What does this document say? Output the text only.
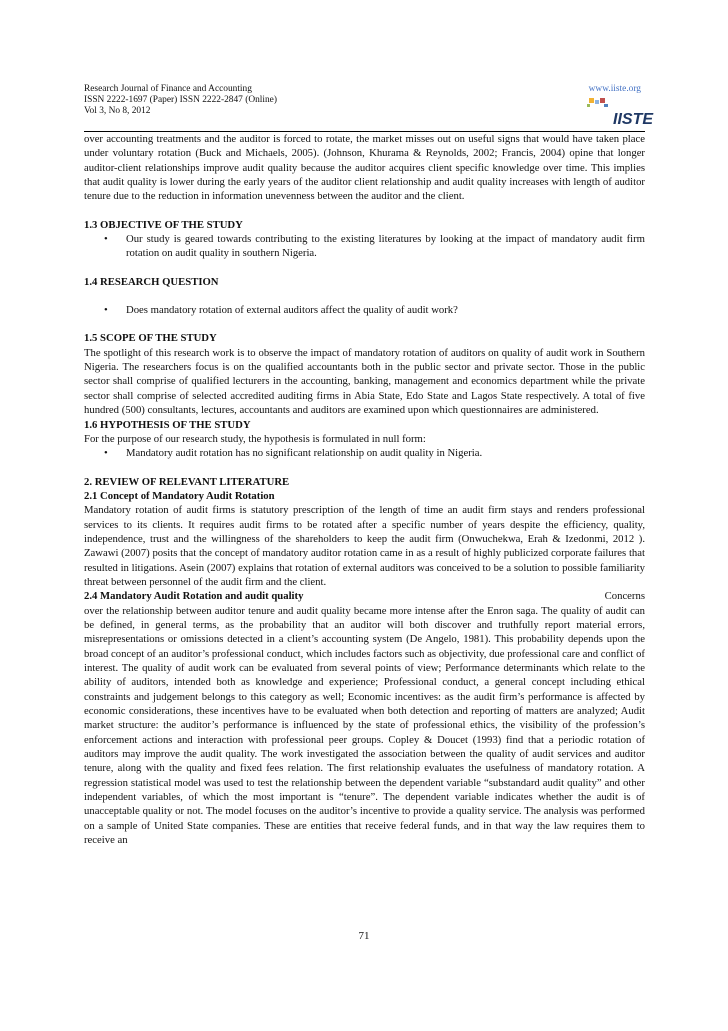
Research Journal of Finance and Accounting
ISSN 2222-1697 (Paper) ISSN 2222-2847 (Online)
Vol 3, No 8, 2012
www.iiste.org
IISTE

over accounting treatments and the auditor is forced to rotate, the market misses out on useful signs that would have taken place under voluntary rotation (Buck and Michaels, 2005). (Johnson, Khurama & Reynolds, 2002; Francis, 2004) opine that longer auditor-client relationships improve audit quality because the auditor acquires client specific knowledge over time. This implies that audit quality is lower during the early years of the auditor client relationship and audit quality increases with length of auditor tenure due to the reduction in information unevenness between the auditor and the client.

1.3 OBJECTIVE OF THE STUDY
• Our study is geared towards contributing to the existing literatures by looking at the impact of mandatory audit firm rotation on audit quality in southern Nigeria.
1.4 RESEARCH QUESTION
• Does mandatory rotation of external auditors affect the quality of audit work?
1.5 SCOPE OF THE STUDY

The spotlight of this research work is to observe the impact of mandatory rotation of auditors on quality of audit work in Southern Nigeria. The researchers focus is on the qualified accountants both in the public sector and private sector. Those in the public sector shall comprise of qualified lecturers in the accounting, banking, management and economics department while the private sector shall comprise of selected accredited auditing firms in Abia State, Edo State and Lagos State respectively. A total of five hundred (500) consultants, lectures, accountants and auditors are examined upon which questionnaires are administered.

1.6 HYPOTHESIS OF THE STUDY

For the purpose of our research study, the hypothesis is formulated in null form:

• Mandatory audit rotation has no significant relationship on audit quality in Nigeria.
2. REVIEW OF RELEVANT LITERATURE
2.1 Concept of Mandatory Audit Rotation

Mandatory rotation of audit firms is statutory prescription of the length of time an audit firm stays and renders professional services to its clients. It requires audit firms to be rotated after a specific number of years despite the efficiency, quality, independence, trust and the willingness of the shareholders to keep the audit firm (Onwuchekwa, Erah & Izedonmi, 2012 ). Zawawi (2007) posits that the concept of mandatory auditor rotation came in as a result of highly publicized corporate failures that resulted in litigations. Asein (2007) explains that rotation of external auditors was conceived to be a solution to possible familiarity threat between personnel of the audit firm and the client.

2.4 Mandatory Audit Rotation and audit quality	Concerns

over the relationship between auditor tenure and audit quality became more intense after the Enron saga. The quality of audit can be defined, in general terms, as the probability that an auditor will both discover and truthfully report material errors, misrepresentations or omissions detected in a client’s accounting system (De Angelo, 1981). This probability depends upon the broad concept of an auditor’s professional conduct, which includes factors such as objectivity, due professional care and conflict of interest. The quality of audit work can be evaluated from several points of view; Performance determinants which relate to the ability of auditors, intended both as knowledge and experience; Professional conduct, a general concept including ethical constraints and judgement belongs to this category as well; Economic incentives: as the audit firm’s performance is affected by economic considerations, these incentives have to be evaluated when both detection and reporting of matters are analyzed; Audit market structure: the auditor’s performance is influenced by the state of professional ethics, the visibility of the profession’s enforcement actions and interaction with professional peer groups. Copley & Doucet (1993) find that a periodic rotation of auditors may improve the audit quality. The work investigated the association between the quality of audit services and auditor tenure, along with the quality and fixed fees relation. The first relationship evaluates the usefulness of mandatory rotation. A regression statistical model was used to test the relationship between the dependent variable “substandard audit quality” and other independent variables, of which the most important is “tenure”. The dependent variable indicates whether the audit is of unacceptable quality or not. The model focuses on the auditor’s incentive to provide a quality service. The analysis was performed on a sample of United State companies. These are entities that receive federal funds, and in that way the law requires them to receive an

71
